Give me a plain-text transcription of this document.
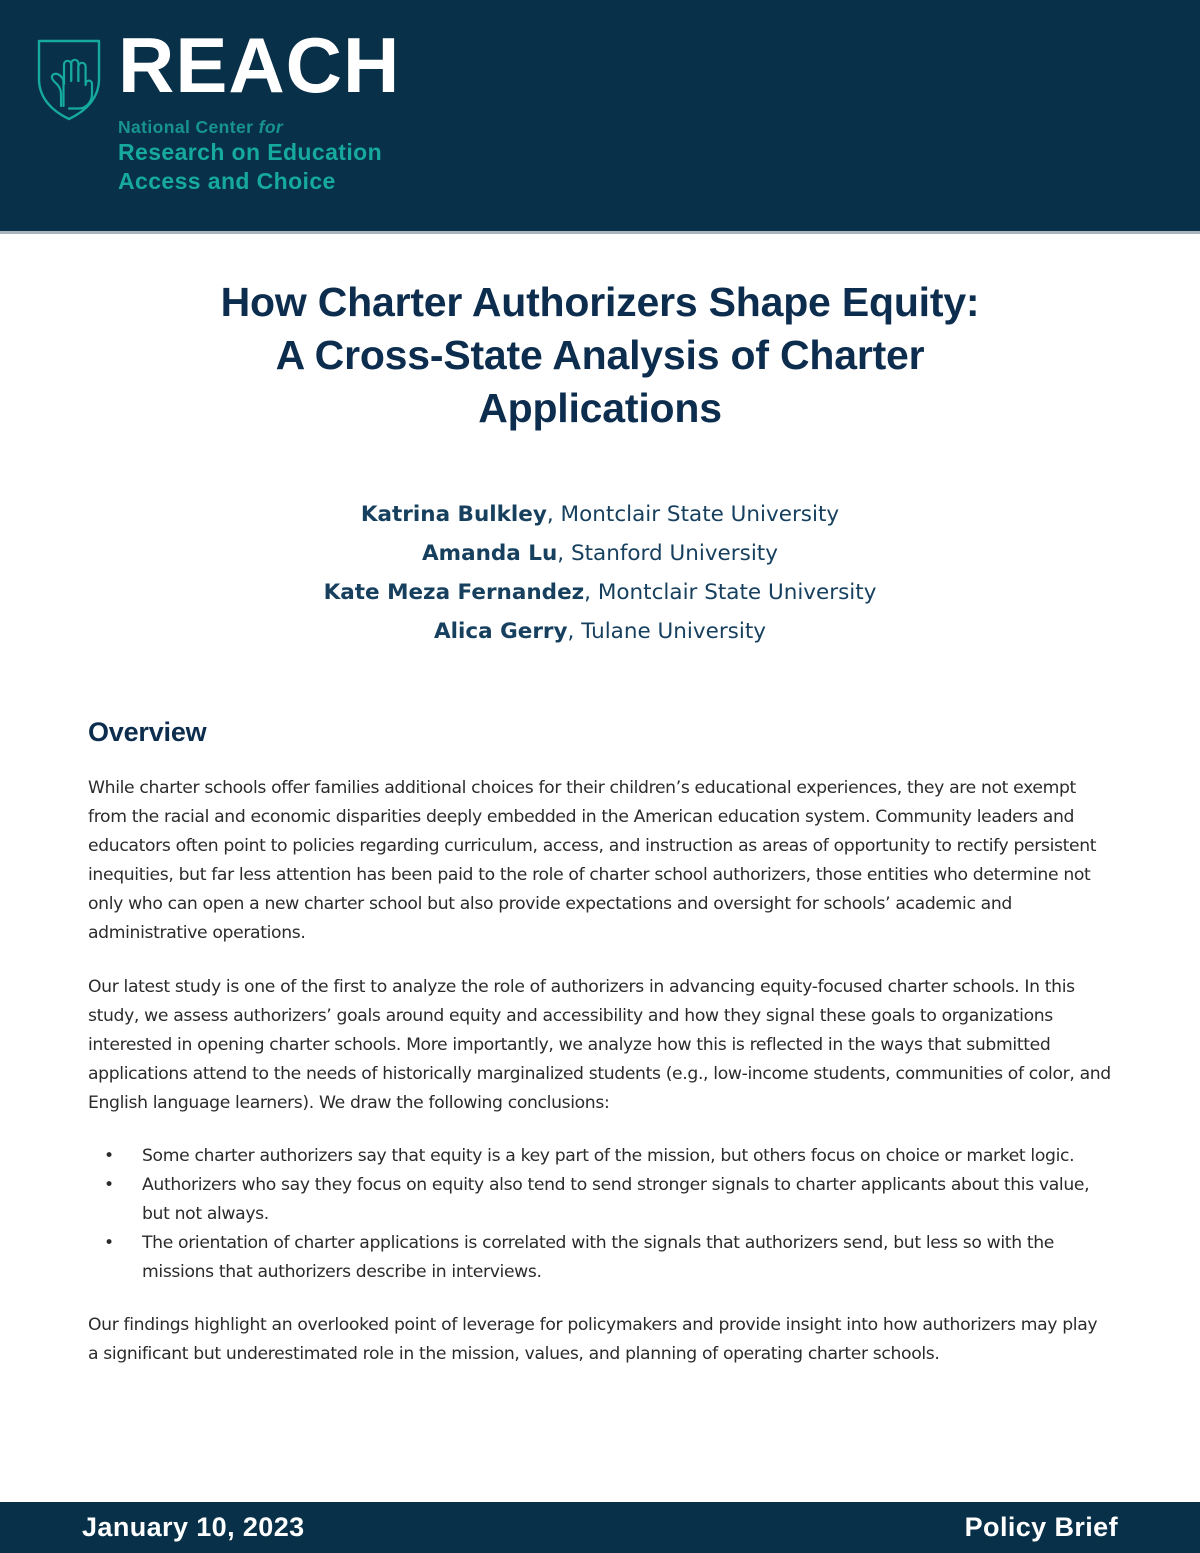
REACH
National Center for
Research on Education
Access and Choice
How Charter Authorizers Shape Equity:
A Cross-State Analysis of Charter
Applications
Katrina Bulkley, Montclair State University
Amanda Lu, Stanford University
Kate Meza Fernandez, Montclair State University
Alica Gerry, Tulane University
Overview

While charter schools offer families additional choices for their children’s educational experiences, they are not exempt from the racial and economic disparities deeply embedded in the American education system. Community leaders and educators often point to policies regarding curriculum, access, and instruction as areas of opportunity to rectify persistent inequities, but far less attention has been paid to the role of charter school authorizers, those entities who determine not only who can open a new charter school but also provide expectations and oversight for schools’ academic and administrative operations.

Our latest study is one of the first to analyze the role of authorizers in advancing equity-focused charter schools. In this study, we assess authorizers’ goals around equity and accessibility and how they signal these goals to organizations interested in opening charter schools. More importantly, we analyze how this is reflected in the ways that submitted applications attend to the needs of historically marginalized students (e.g., low-income students, communities of color, and English language learners). We draw the following conclusions:

• Some charter authorizers say that equity is a key part of the mission, but others focus on choice or market logic.
• Authorizers who say they focus on equity also tend to send stronger signals to charter applicants about this value, but not always.
• The orientation of charter applications is correlated with the signals that authorizers send, but less so with the missions that authorizers describe in interviews.

Our findings highlight an overlooked point of leverage for policymakers and provide insight into how authorizers may play a significant but underestimated role in the mission, values, and planning of operating charter schools.

January 10, 2023	Policy Brief
